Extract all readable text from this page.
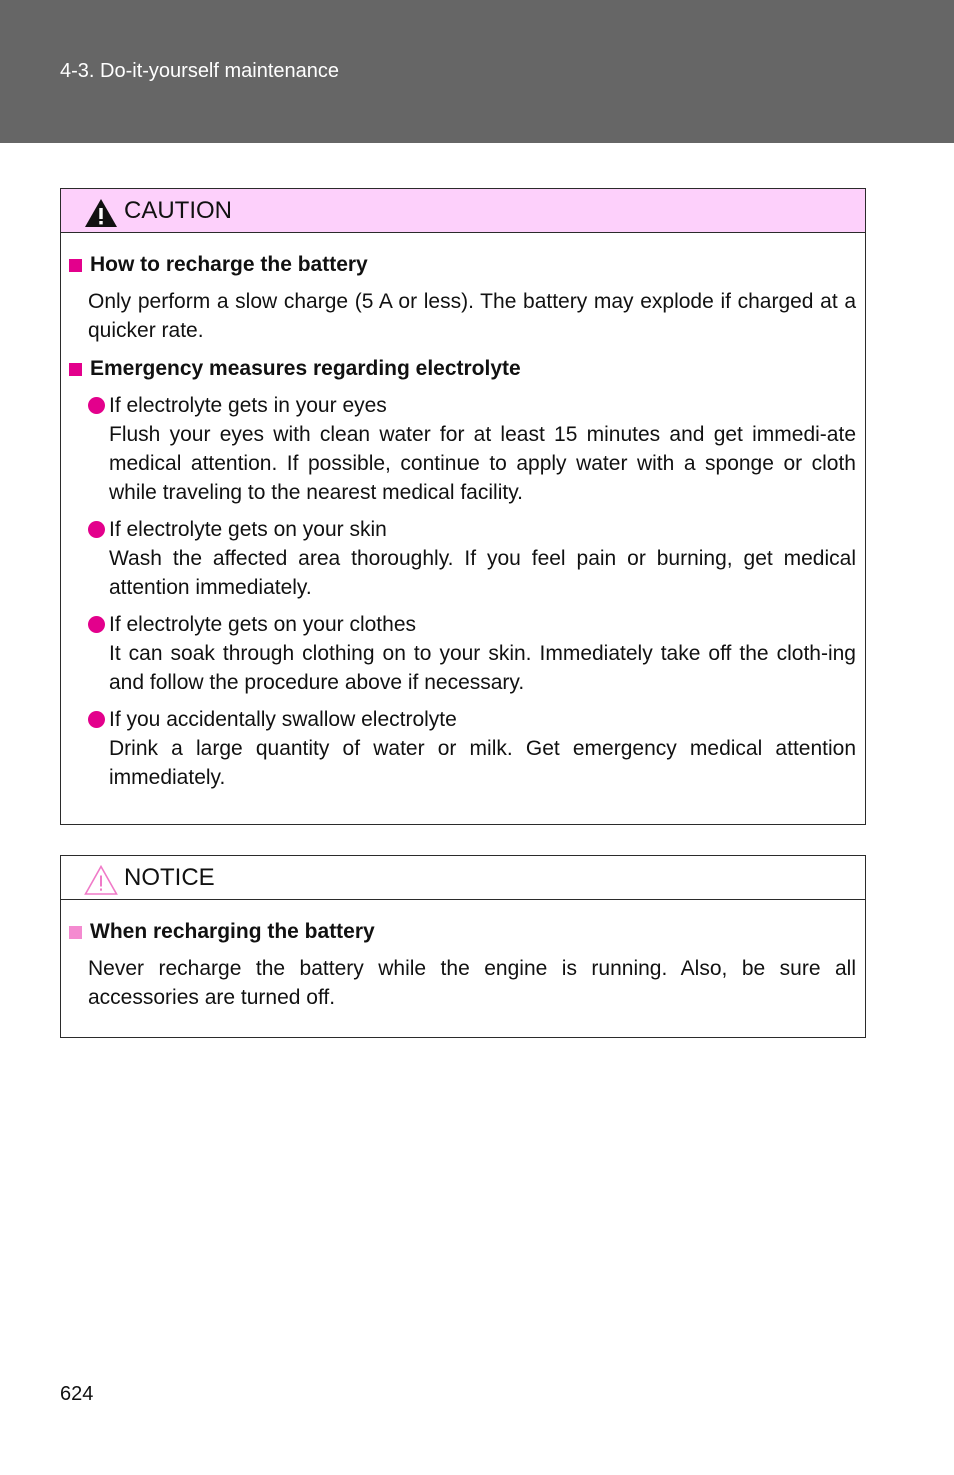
4-3. Do-it-yourself maintenance
CAUTION
How to recharge the battery

Only perform a slow charge (5 A or less). The battery may explode if charged at a quicker rate.

Emergency measures regarding electrolyte
If electrolyte gets in your eyes
Flush your eyes with clean water for at least 15 minutes and get immedi-ate medical attention. If possible, continue to apply water with a sponge or cloth while traveling to the nearest medical facility.
If electrolyte gets on your skin
Wash the affected area thoroughly. If you feel pain or burning, get medical attention immediately.
If electrolyte gets on your clothes
It can soak through clothing on to your skin. Immediately take off the cloth-ing and follow the procedure above if necessary.
If you accidentally swallow electrolyte
Drink a large quantity of water or milk. Get emergency medical attention immediately.
NOTICE
When recharging the battery

Never recharge the battery while the engine is running. Also, be sure all accessories are turned off.

624
